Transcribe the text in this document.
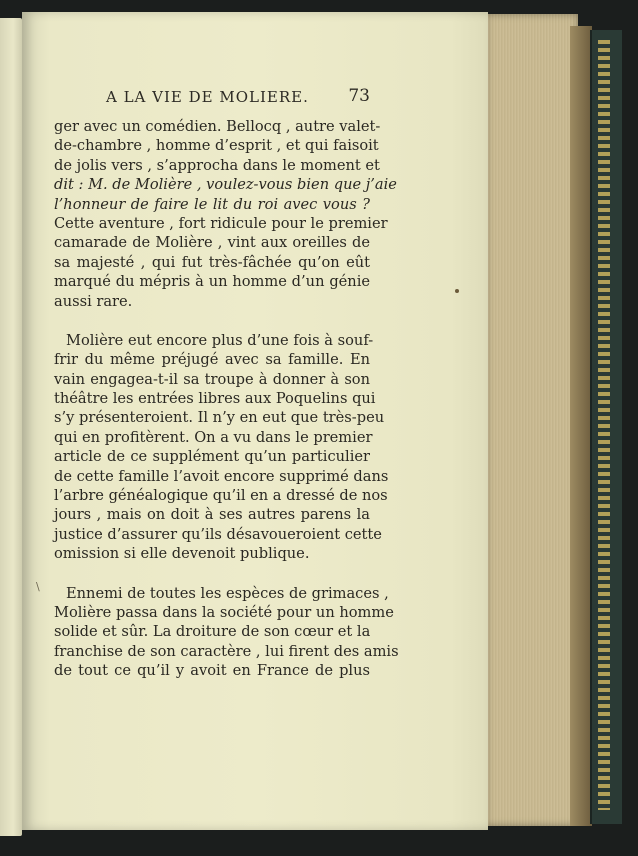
A LA VIE DE MOLIERE. 73
ger avec un comédien. Bellocq , autre valet-
de-chambre , homme d’esprit , et qui faisoit
de jolis vers , s’approcha dans le moment et
dit : M. de Molière , voulez-vous bien que j’aie
l’honneur de faire le lit du roi avec vous ?
Cette aventure , fort ridicule pour le premier
camarade de Molière , vint aux oreilles de
sa majesté , qui fut très-fâchée qu’on eût
marqué du mépris à un homme d’un génie
aussi rare.
Molière eut encore plus d’une fois à souf-
frir du même préjugé avec sa famille. En
vain engagea-t-il sa troupe à donner à son
théâtre les entrées libres aux Poquelins qui
s’y présenteroient. Il n’y en eut que très-peu
qui en profitèrent. On a vu dans le premier
article de ce supplément qu’un particulier
de cette famille l’avoit encore supprimé dans
l’arbre généalogique qu’il en a dressé de nos
jours , mais on doit à ses autres parens la
justice d’assurer qu’ils désavoueroient cette
omission si elle devenoit publique.
Ennemi de toutes les espèces de grimaces ,
Molière passa dans la société pour un homme
solide et sûr. La droiture de son cœur et la
franchise de son caractère , lui firent des amis
de tout ce qu’il y avoit en France de plus
\
